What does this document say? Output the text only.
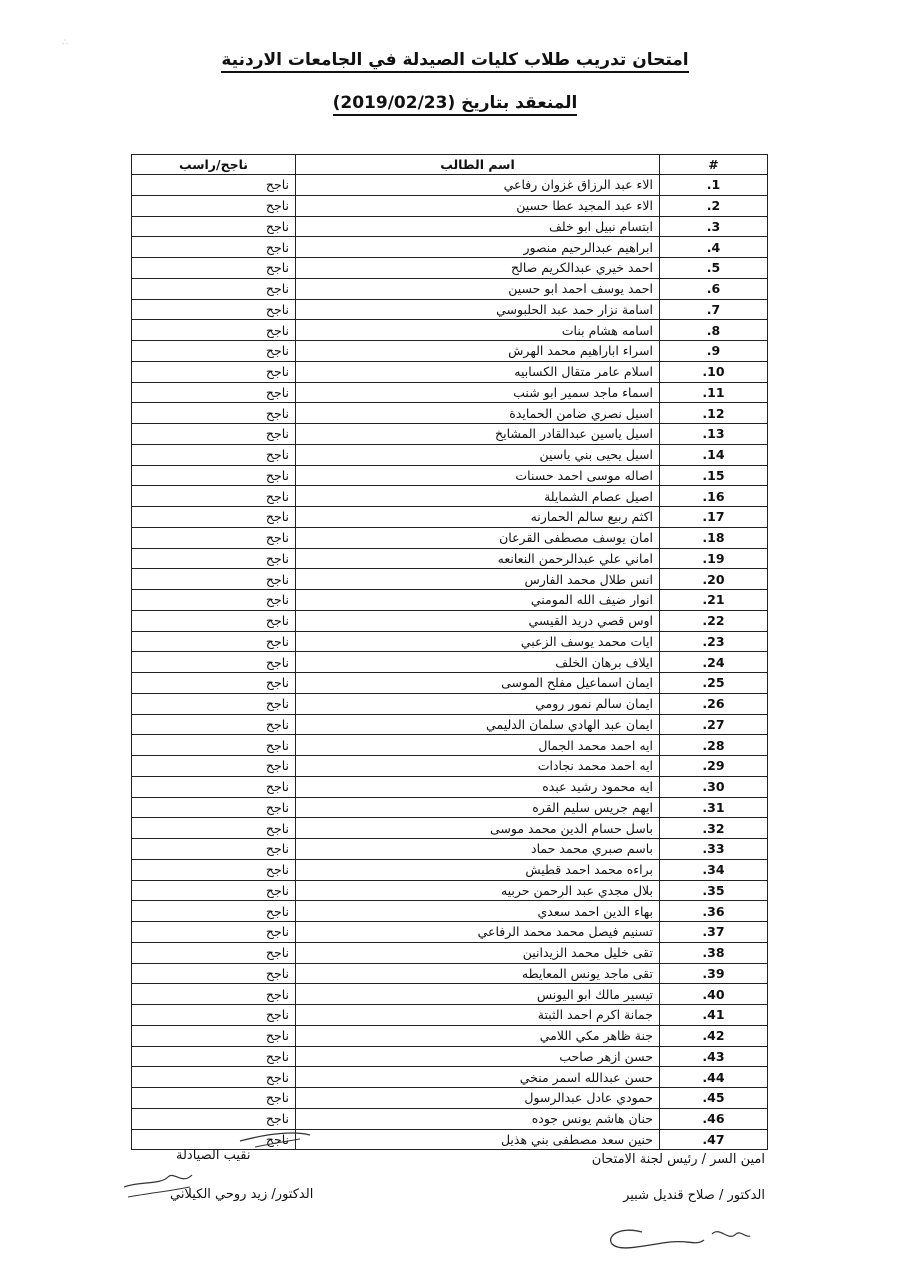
∴
امتحان تدريب طلاب كليات الصيدلة في الجامعات الاردنية
المنعقد بتاريخ (2019/02/23)
#	اسم الطالب	ناجح/راسب
1.	الاء عبد الرزاق غزوان رفاعي	ناجح
2.	الاء عبد المجيد عطا حسين	ناجح
3.	ابتسام نبيل ابو خلف	ناجح
4.	ابراهيم عبدالرحيم منصور	ناجح
5.	احمد خيري عبدالكريم صالح	ناجح
6.	احمد يوسف احمد ابو حسين	ناجح
7.	اسامة نزار حمد عبد الحلبوسي	ناجح
8.	اسامه هشام بنات	ناجح
9.	اسراء اباراهيم محمد الهرش	ناجح
10.	اسلام عامر متقال الكسابيه	ناجح
11.	اسماء ماجد سمير ابو شنب	ناجح
12.	اسيل نصري ضامن الحمايدة	ناجح
13.	اسيل ياسين عبدالقادر المشايخ	ناجح
14.	اسيل يحيى بني ياسين	ناجح
15.	اصاله موسى احمد حسنات	ناجح
16.	اصيل عصام الشمايلة	ناجح
17.	اكثم ربيع سالم الحمارنه	ناجح
18.	امان يوسف مصطفى القرعان	ناجح
19.	اماني علي عبدالرحمن النعانعه	ناجح
20.	انس طلال محمد الفارس	ناجح
21.	انوار ضيف الله المومني	ناجح
22.	اوس قصي دريد القيسي	ناجح
23.	ايات محمد يوسف الزعبي	ناجح
24.	ايلاف برهان الخلف	ناجح
25.	ايمان اسماعيل مفلح الموسى	ناجح
26.	ايمان سالم نمور رومي	ناجح
27.	ايمان عبد الهادي سلمان الدليمي	ناجح
28.	ايه احمد محمد الجمال	ناجح
29.	ايه احمد محمد نجادات	ناجح
30.	ايه محمود رشيد عبده	ناجح
31.	ايهم جريس سليم القره	ناجح
32.	باسل حسام الدين محمد موسى	ناجح
33.	باسم صبري محمد حماد	ناجح
34.	براءه محمد احمد قطيش	ناجح
35.	بلال مجدي عبد الرحمن حربيه	ناجح
36.	بهاء الدين احمد سعدي	ناجح
37.	تسنيم فيصل محمد محمد الرفاعي	ناجح
38.	تقى خليل محمد الزيدانين	ناجح
39.	تقى ماجد يونس المعايطه	ناجح
40.	تيسير مالك ابو اليونس	ناجح
41.	جمانة اكرم احمد الثبتة	ناجح
42.	جنة ظاهر مكي اللامي	ناجح
43.	حسن ازهر صاحب	ناجح
44.	حسن عبدالله اسمر منخي	ناجح
45.	حمودي عادل عبدالرسول	ناجح
46.	حنان هاشم يونس جوده	ناجح
47.	حنين سعد مصطفى بني هذيل	ناجح
امين السر / رئيس لجنة الامتحان
الدكتور / صلاح قنديل شبير
نقيب الصيادلة
الدكتور/ زيد روحي الكيلاني
